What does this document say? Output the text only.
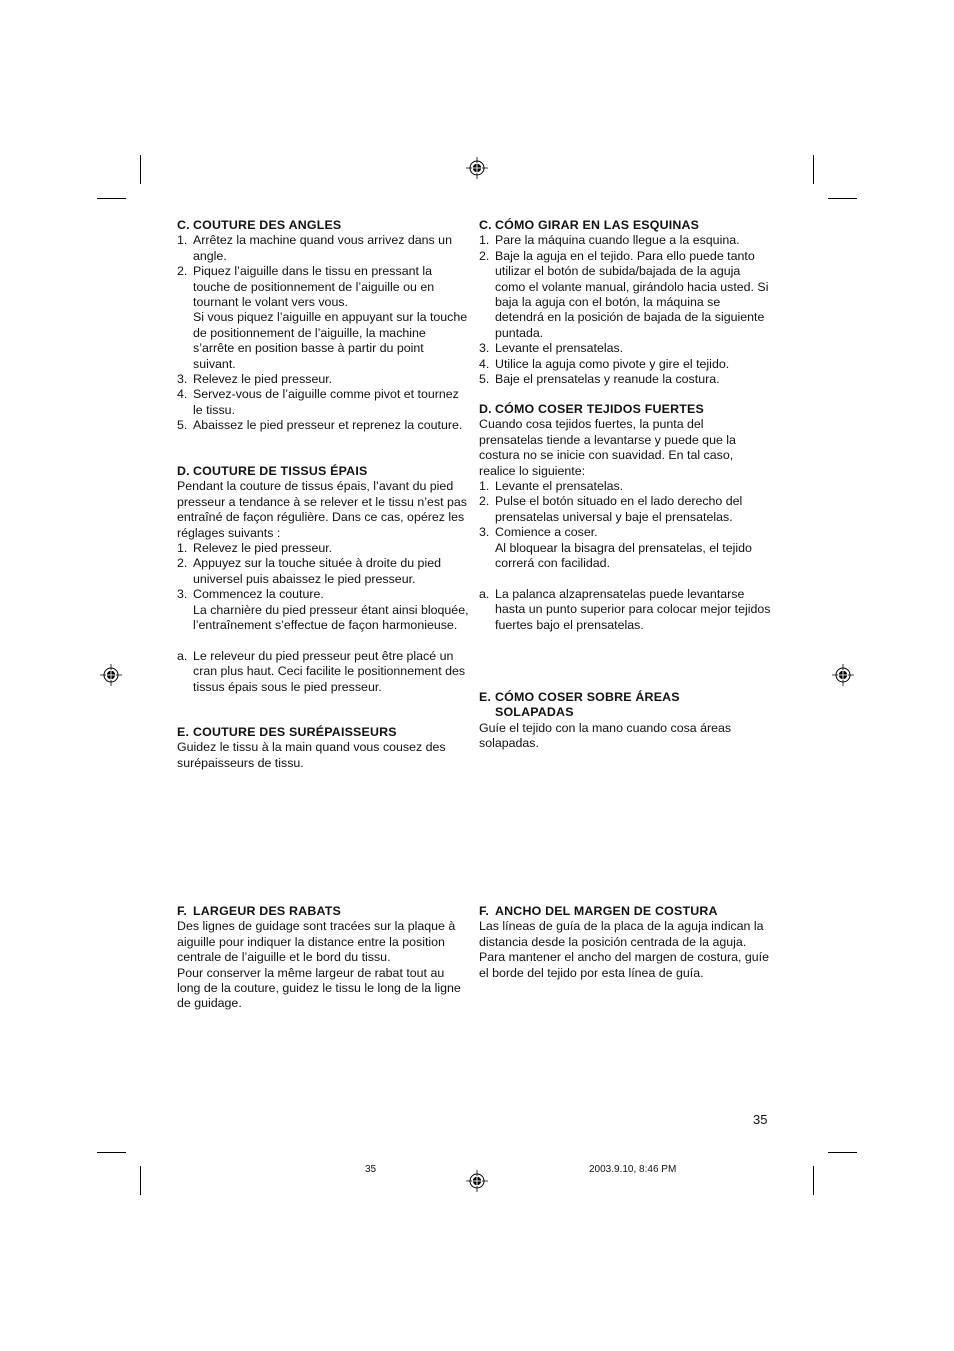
C. COUTURE DES ANGLES
1. Arrêtez la machine quand vous arrivez dans un angle.
2. Piquez l’aiguille dans le tissu en pressant la touche de positionnement de l’aiguille ou en tournant le volant vers vous.
Si vous piquez l’aiguille en appuyant sur la touche de positionnement de l’aiguille, la machine s’arrête en position basse à partir du point suivant.
3. Relevez le pied presseur.
4. Servez-vous de l’aiguille comme pivot et tournez le tissu.
5. Abaissez le pied presseur et reprenez la couture.
D. COUTURE DE TISSUS ÉPAIS
Pendant la couture de tissus épais, l’avant du pied presseur a tendance à se relever et le tissu n’est pas entraîné de façon régulière. Dans ce cas, opérez les réglages suivants :
1. Relevez le pied presseur.
2. Appuyez sur la touche située à droite du pied universel puis abaissez le pied presseur.
3. Commencez la couture.
La charnière du pied presseur étant ainsi bloquée, l’entraînement s’effectue de façon harmonieuse.
a. Le releveur du pied presseur peut être placé un cran plus haut. Ceci facilite le positionnement des tissus épais sous le pied presseur.
E. COUTURE DES SURÉPAISSEURS
Guidez le tissu à la main quand vous cousez des surépaisseurs de tissu.
F. LARGEUR DES RABATS
Des lignes de guidage sont tracées sur la plaque à aiguille pour indiquer la distance entre la position centrale de l’aiguille et le bord du tissu.
Pour conserver la même largeur de rabat tout au long de la couture, guidez le tissu le long de la ligne de guidage.
C. CÓMO GIRAR EN LAS ESQUINAS
1. Pare la máquina cuando llegue a la esquina.
2. Baje la aguja en el tejido. Para ello puede tanto utilizar el botón de subida/bajada de la aguja como el volante manual, girándolo hacia usted. Si baja la aguja con el botón, la máquina se detendrá en la posición de bajada de la siguiente puntada.
3. Levante el prensatelas.
4. Utilice la aguja como pivote y gire el tejido.
5. Baje el prensatelas y reanude la costura.
D. CÓMO COSER TEJIDOS FUERTES
Cuando cosa tejidos fuertes, la punta del prensatelas tiende a levantarse y puede que la costura no se inicie con suavidad. En tal caso, realice lo siguiente:
1. Levante el prensatelas.
2. Pulse el botón situado en el lado derecho del prensatelas universal y baje el prensatelas.
3. Comience a coser.
Al bloquear la bisagra del prensatelas, el tejido correrá con facilidad.
a. La palanca alzaprensatelas puede levantarse hasta un punto superior para colocar mejor tejidos fuertes bajo el prensatelas.
E. CÓMO COSER SOBRE ÁREAS
SOLAPADAS
Guíe el tejido con la mano cuando cosa áreas solapadas.
F. ANCHO DEL MARGEN DE COSTURA
Las líneas de guía de la placa de la aguja indican la distancia desde la posición centrada de la aguja.
Para mantener el ancho del margen de costura, guíe el borde del tejido por esta línea de guía.
35
35	2003.9.10, 8:46 PM
